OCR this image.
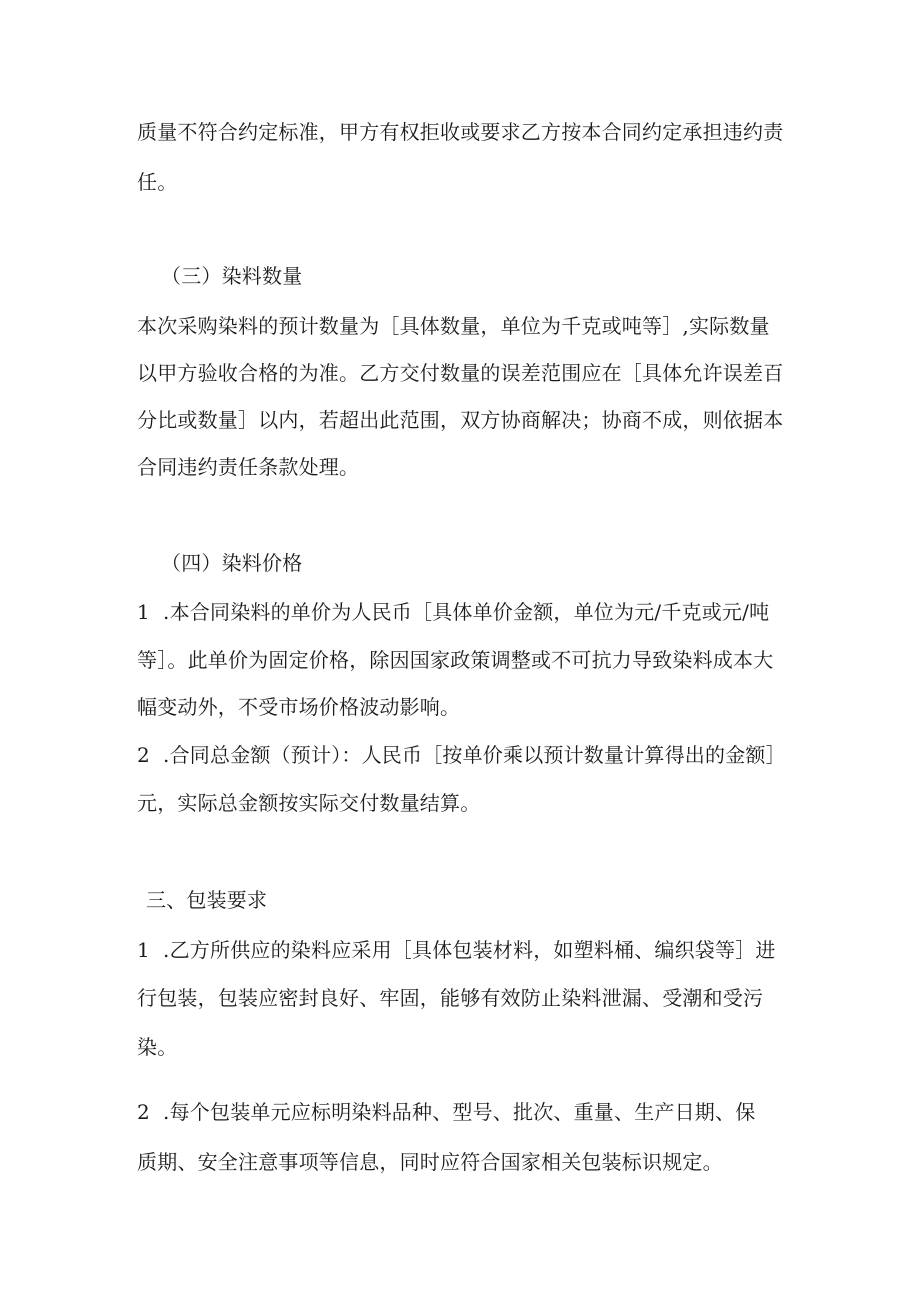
质量不符合约定标准，甲方有权拒收或要求乙方按本合同约定承担违约责
任。
（三）染料数量
本次采购染料的预计数量为［具体数量，单位为千克或吨等］,实际数量
以甲方验收合格的为准。乙方交付数量的误差范围应在［具体允许误差百
分比或数量］以内，若超出此范围，双方协商解决；协商不成，则依据本
合同违约责任条款处理。
（四）染料价格
1  .本合同染料的单价为人民币［具体单价金额，单位为元/千克或元/吨
等］。此单价为固定价格，除因国家政策调整或不可抗力导致染料成本大
幅变动外，不受市场价格波动影响。
2  .合同总金额（预计）：人民币［按单价乘以预计数量计算得出的金额］
元，实际总金额按实际交付数量结算。
三、包装要求
1  .乙方所供应的染料应采用［具体包装材料，如塑料桶、编织袋等］进
行包装，包装应密封良好、牢固，能够有效防止染料泄漏、受潮和受污
染。
2  .每个包装单元应标明染料品种、型号、批次、重量、生产日期、保
质期、安全注意事项等信息，同时应符合国家相关包装标识规定。
